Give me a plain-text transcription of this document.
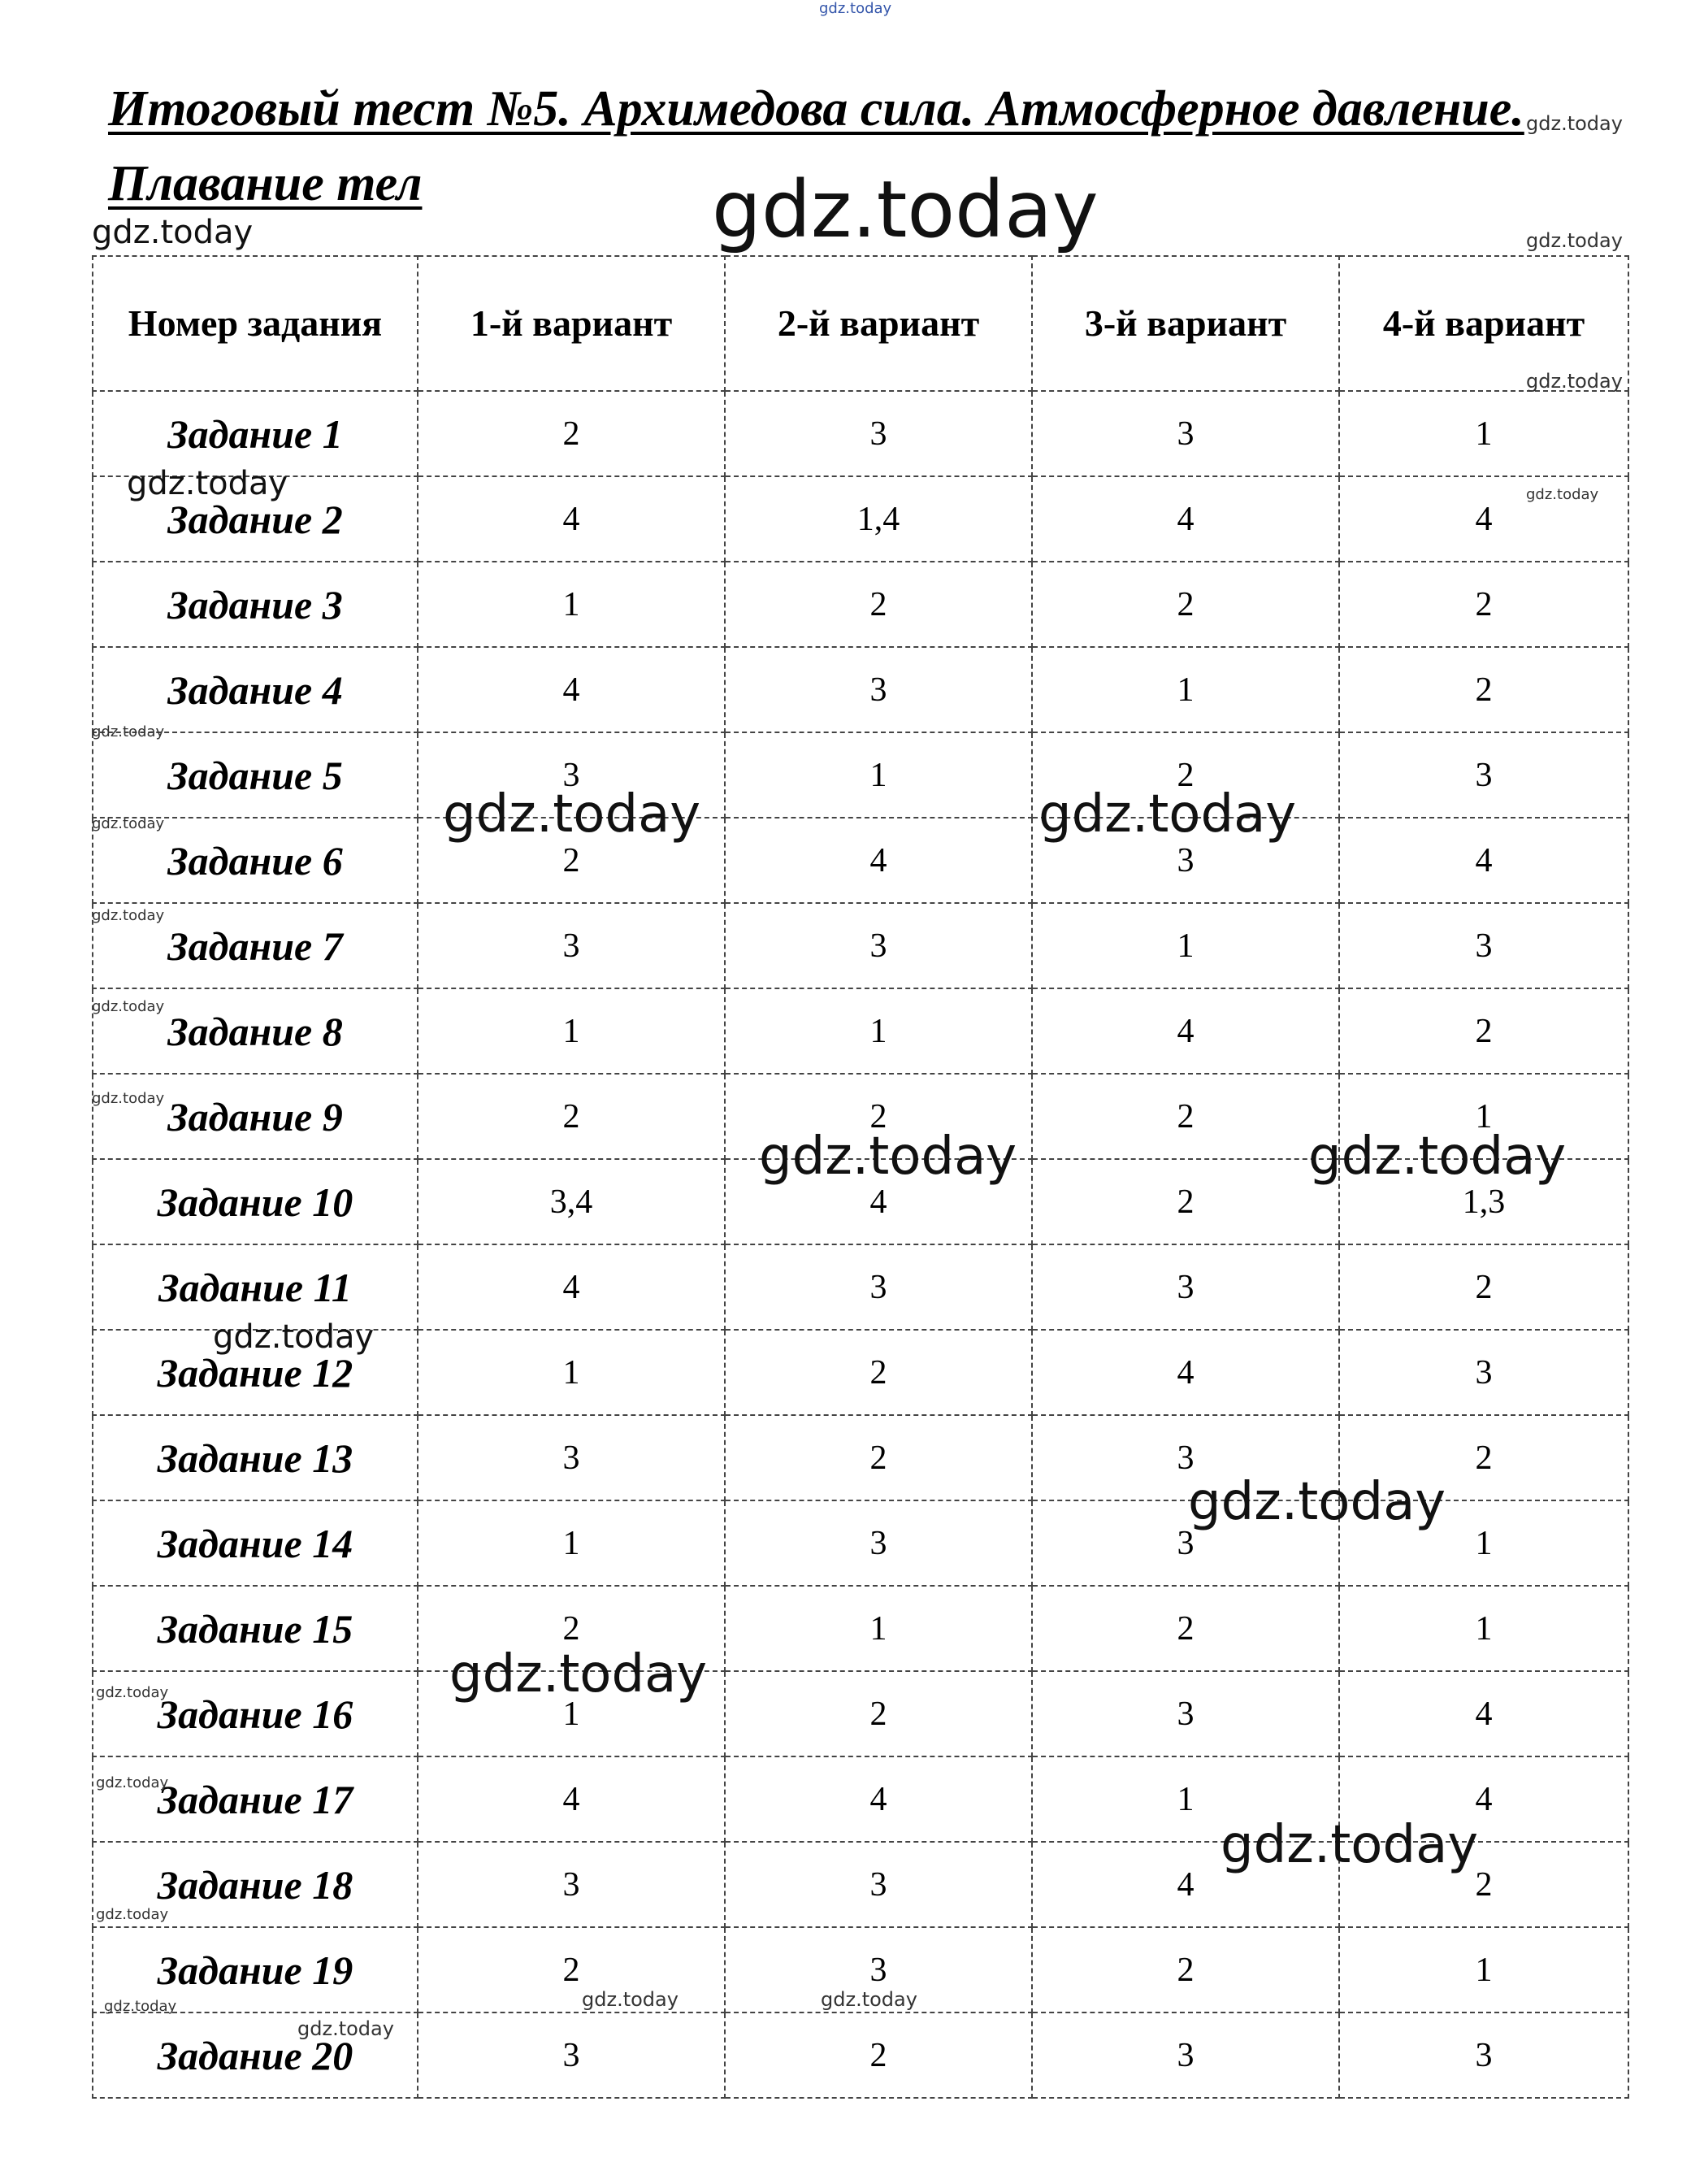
Итоговый тест №5. Архимедова сила. Атмосферное давление. Плавание тел
Номер задания	1-й вариант	2-й вариант	3-й вариант	4-й вариант
Задание 1	2	3	3	1
Задание 2	4	1,4	4	4
Задание 3	1	2	2	2
Задание 4	4	3	1	2
Задание 5	3	1	2	3
Задание 6	2	4	3	4
Задание 7	3	3	1	3
Задание 8	1	1	4	2
Задание 9	2	2	2	1
Задание 10	3,4	4	2	1,3
Задание 11	4	3	3	2
Задание 12	1	2	4	3
Задание 13	3	2	3	2
Задание 14	1	3	3	1
Задание 15	2	1	2	1
Задание 16	1	2	3	4
Задание 17	4	4	1	4
Задание 18	3	3	4	2
Задание 19	2	3	2	1
Задание 20	3	2	3	3
gdz.today
gdz.today
gdz.today
gdz.today	gdz.today
gdz.today
gdz.today	gdz.today
gdz.today
gdz.today	gdz.today
gdz.today
gdz.today
gdz.today
gdz.today
gdz.today	gdz.today
gdz.today
gdz.today
gdz.today
gdz.today
gdz.today
gdz.today
gdz.today
gdz.today	gdz.today
gdz.today
gdz.today
